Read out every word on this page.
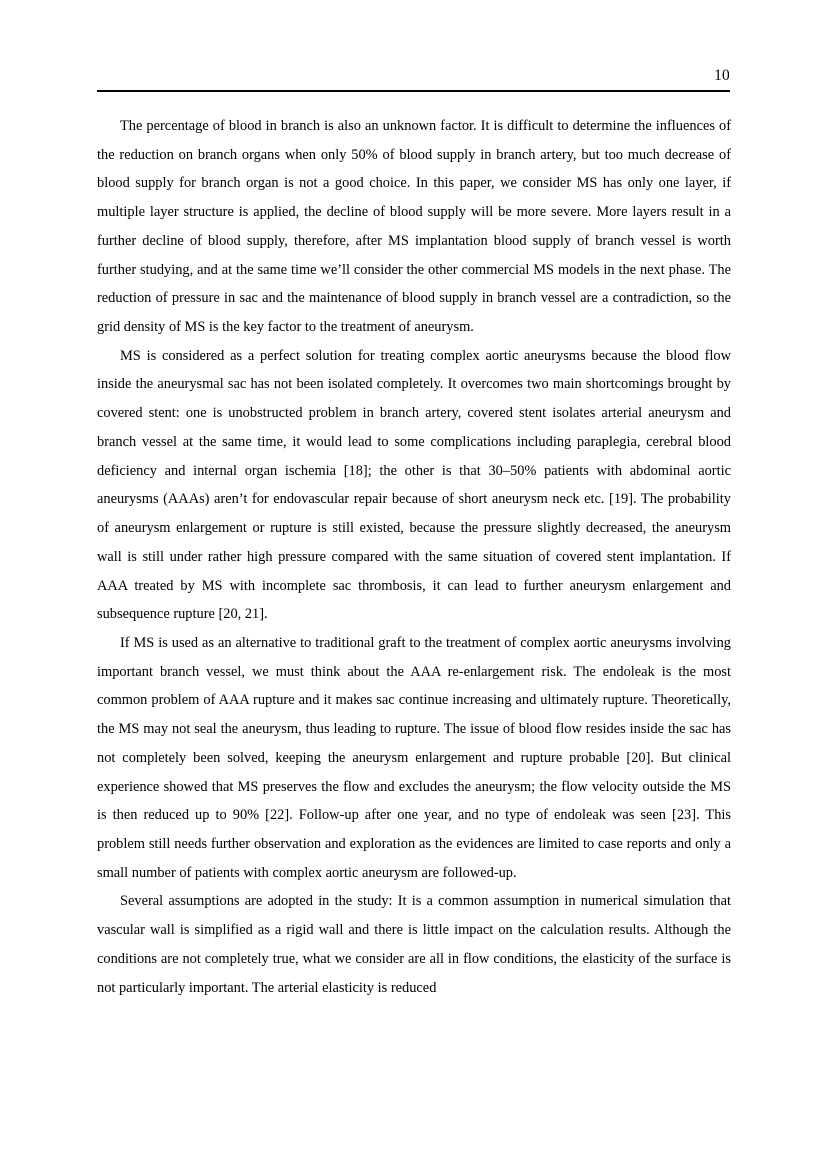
10

The percentage of blood in branch is also an unknown factor. It is difficult to determine the influences of the reduction on branch organs when only 50% of blood supply in branch artery, but too much decrease of blood supply for branch organ is not a good choice. In this paper, we consider MS has only one layer, if multiple layer structure is applied, the decline of blood supply will be more severe. More layers result in a further decline of blood supply, therefore, after MS implantation blood supply of branch vessel is worth further studying, and at the same time we’ll consider the other commercial MS models in the next phase. The reduction of pressure in sac and the maintenance of blood supply in branch vessel are a contradiction, so the grid density of MS is the key factor to the treatment of aneurysm.

MS is considered as a perfect solution for treating complex aortic aneurysms because the blood flow inside the aneurysmal sac has not been isolated completely. It overcomes two main shortcomings brought by covered stent: one is unobstructed problem in branch artery, covered stent isolates arterial aneurysm and branch vessel at the same time, it would lead to some complications including paraplegia, cerebral blood deficiency and internal organ ischemia [18]; the other is that 30–50% patients with abdominal aortic aneurysms (AAAs) aren’t for endovascular repair because of short aneurysm neck etc. [19]. The probability of aneurysm enlargement or rupture is still existed, because the pressure slightly decreased, the aneurysm wall is still under rather high pressure compared with the same situation of covered stent implantation. If AAA treated by MS with incomplete sac thrombosis, it can lead to further aneurysm enlargement and subsequence rupture [20, 21].

If MS is used as an alternative to traditional graft to the treatment of complex aortic aneurysms involving important branch vessel, we must think about the AAA re-enlargement risk. The endoleak is the most common problem of AAA rupture and it makes sac continue increasing and ultimately rupture. Theoretically, the MS may not seal the aneurysm, thus leading to rupture. The issue of blood flow resides inside the sac has not completely been solved, keeping the aneurysm enlargement and rupture probable [20]. But clinical experience showed that MS preserves the flow and excludes the aneurysm; the flow velocity outside the MS is then reduced up to 90% [22]. Follow-up after one year, and no type of endoleak was seen [23]. This problem still needs further observation and exploration as the evidences are limited to case reports and only a small number of patients with complex aortic aneurysm are followed-up.

Several assumptions are adopted in the study: It is a common assumption in numerical simulation that vascular wall is simplified as a rigid wall and there is little impact on the calculation results. Although the conditions are not completely true, what we consider are all in flow conditions, the elasticity of the surface is not particularly important. The arterial elasticity is reduced
